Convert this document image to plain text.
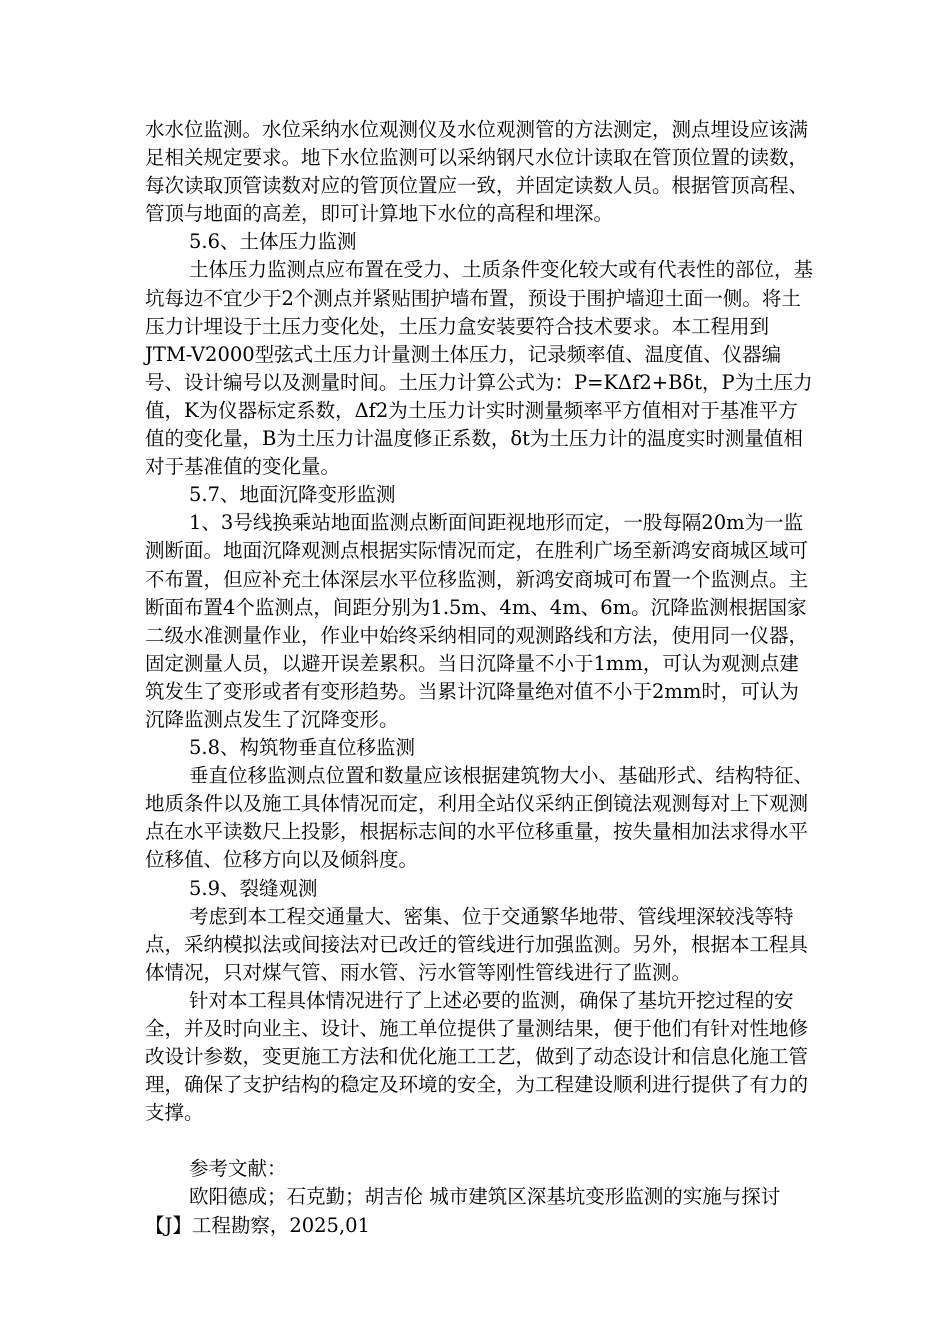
水水位监测。水位采纳水位观测仪及水位观测管的方法测定，测点埋设应该满足相关规定要求。地下水位监测可以采纳钢尺水位计读取在管顶位置的读数，每次读取顶管读数对应的管顶位置应一致，并固定读数人员。根据管顶高程、管顶与地面的高差，即可计算地下水位的高程和埋深。

5.6、土体压力监测

土体压力监测点应布置在受力、土质条件变化较大或有代表性的部位，基坑每边不宜少于2个测点并紧贴围护墙布置，预设于围护墙迎土面一侧。将土压力计埋设于土压力变化处，土压力盒安装要符合技术要求。本工程用到JTM-V2000型弦式土压力计量测土体压力，记录频率值、温度值、仪器编号、设计编号以及测量时间。土压力计算公式为：P=KΔf2+Bδt，P为土压力值，K为仪器标定系数，Δf2为土压力计实时测量频率平方值相对于基准平方值的变化量，B为土压力计温度修正系数，δt为土压力计的温度实时测量值相对于基准值的变化量。

5.7、地面沉降变形监测

1、3号线换乘站地面监测点断面间距视地形而定，一股每隔20m为一监测断面。地面沉降观测点根据实际情况而定，在胜利广场至新鸿安商城区域可不布置，但应补充土体深层水平位移监测，新鸿安商城可布置一个监测点。主断面布置4个监测点，间距分别为1.5m、4m、4m、6m。沉降监测根据国家二级水准测量作业，作业中始终采纳相同的观测路线和方法，使用同一仪器，固定测量人员，以避开误差累积。当日沉降量不小于1mm，可认为观测点建筑发生了变形或者有变形趋势。当累计沉降量绝对值不小于2mm时，可认为沉降监测点发生了沉降变形。

5.8、构筑物垂直位移监测

垂直位移监测点位置和数量应该根据建筑物大小、基础形式、结构特征、地质条件以及施工具体情况而定，利用全站仪采纳正倒镜法观测每对上下观测点在水平读数尺上投影，根据标志间的水平位移重量，按失量相加法求得水平位移值、位移方向以及倾斜度。

5.9、裂缝观测

考虑到本工程交通量大、密集、位于交通繁华地带、管线埋深较浅等特点，采纳模拟法或间接法对已改迁的管线进行加强监测。另外，根据本工程具体情况，只对煤气管、雨水管、污水管等刚性管线进行了监测。

针对本工程具体情况进行了上述必要的监测，确保了基坑开挖过程的安全，并及时向业主、设计、施工单位提供了量测结果，便于他们有针对性地修改设计参数，变更施工方法和优化施工工艺，做到了动态设计和信息化施工管理，确保了支护结构的稳定及环境的安全，为工程建设顺利进行提供了有力的支撑。

参考文献：

欧阳德成；石克勤；胡吉伦 城市建筑区深基坑变形监测的实施与探讨【J】工程勘察，2025,01
